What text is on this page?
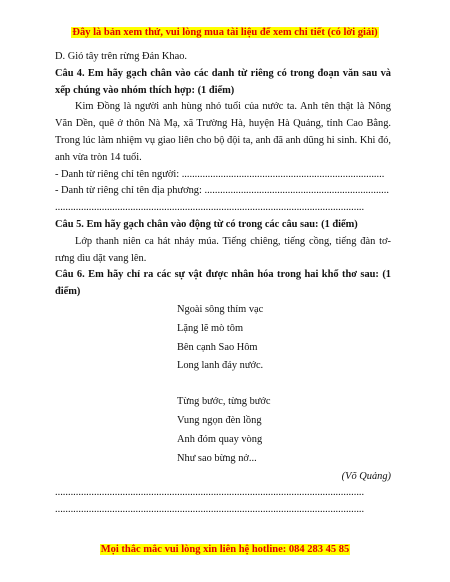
Đây là bản xem thử, vui lòng mua tài liệu để xem chi tiết (có lời giải)
D. Gió tây trên rừng Đản Khao.
Câu 4. Em hãy gạch chân vào các danh từ riêng có trong đoạn văn sau và xếp chúng vào nhóm thích hợp: (1 điểm)
Kim Đồng là người anh hùng nhỏ tuổi của nước ta. Anh tên thật là Nông Văn Dền, quê ở thôn Nà Mạ, xã Trường Hà, huyện Hà Quảng, tỉnh Cao Bằng. Trong lúc làm nhiệm vụ giao liên cho bộ đội ta, anh đã anh dũng hi sinh. Khi đó, anh vừa tròn 14 tuổi.
- Danh từ riêng chỉ tên người: ..............................................................................
- Danh từ riêng chỉ tên địa phương: .......................................................................
.......................................................................................................................
Câu 5. Em hãy gạch chân vào động từ có trong các câu sau: (1 điểm)
Lớp thanh niên ca hát nhảy múa. Tiếng chiêng, tiếng cồng, tiếng đàn tơ-rưng dìu dặt vang lên.
Câu 6. Em hãy chỉ ra các sự vật được nhân hóa trong hai khổ thơ sau: (1 điểm)
Ngoài sông thím vạc
Lặng lẽ mò tôm
Bên cạnh Sao Hôm
Long lanh đáy nước.
Từng bước, từng bước
Vung ngọn đèn lồng
Anh đóm quay vòng
Như sao bừng nở...
(Võ Quảng)
.......................................................................................................................
.......................................................................................................................
Mọi thắc mắc vui lòng xin liên hệ hotline: 084 283 45 85
